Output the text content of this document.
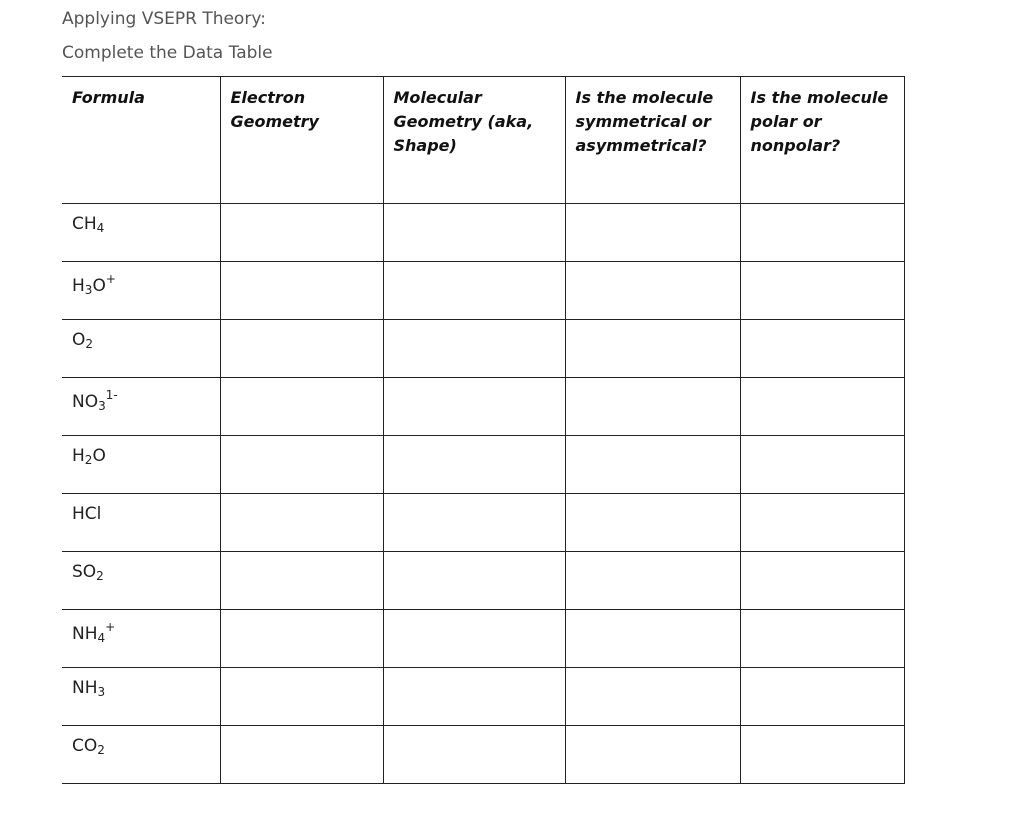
Applying VSEPR Theory:
Complete the Data Table
Formula	Electron Geometry	Molecular Geometry (aka, Shape)	Is the molecule symmetrical or asymmetrical?	Is the molecule polar or nonpolar?
$CH_4$				
$H_3O^+$				
$O_2$				
$NO_3^{1-}$				
$H_2O$				
HCl				
$SO_2$				
$NH_4^+$				
$NH_3$				
$CO_2$				
